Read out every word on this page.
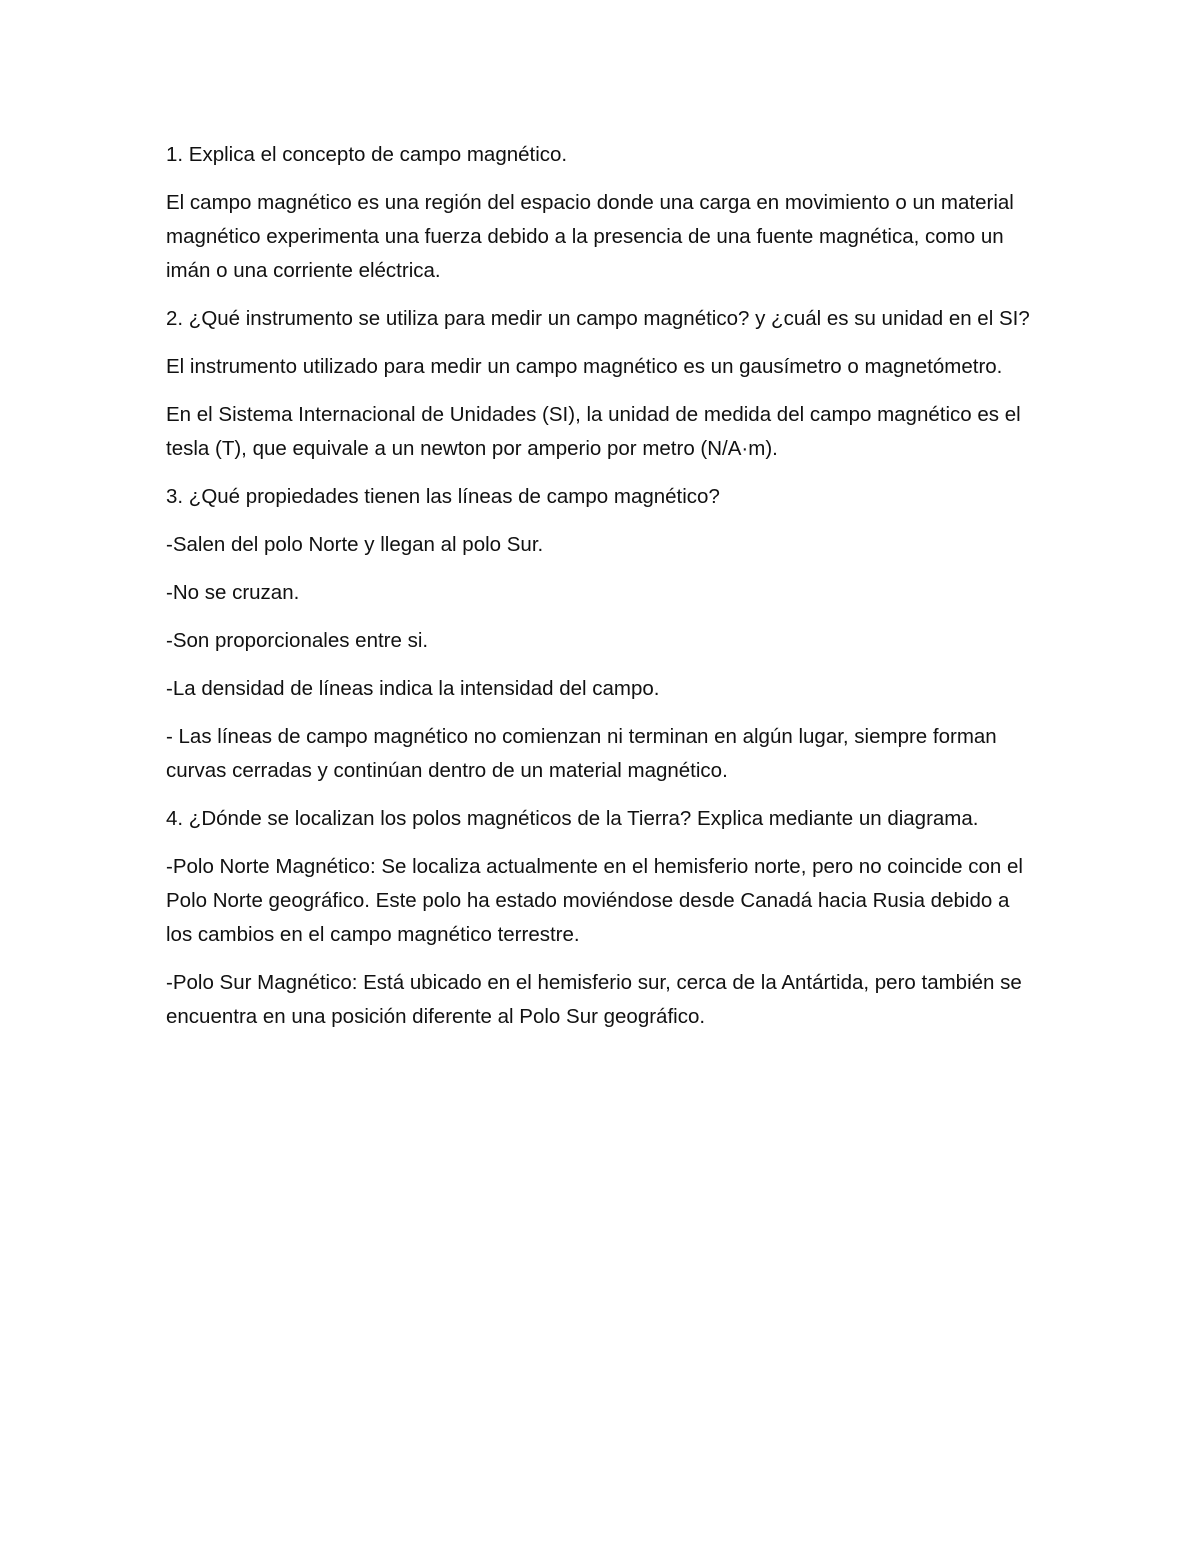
1. Explica el concepto de campo magnético.

El campo magnético es una región del espacio donde una carga en movimiento o un material magnético experimenta una fuerza debido a la presencia de una fuente magnética, como un imán o una corriente eléctrica.

2. ¿Qué instrumento se utiliza para medir un campo magnético? y ¿cuál es su unidad en el SI?

El instrumento utilizado para medir un campo magnético es un gausímetro o magnetómetro.

En el Sistema Internacional de Unidades (SI), la unidad de medida del campo magnético es el tesla (T), que equivale a un newton por amperio por metro (N/A·m).

3. ¿Qué propiedades tienen las líneas de campo magnético?

-Salen del polo Norte y llegan al polo Sur.

-No se cruzan.

-Son proporcionales entre si.

-La densidad de líneas indica la intensidad del campo.

- Las líneas de campo magnético no comienzan ni terminan en algún lugar, siempre forman curvas cerradas y continúan dentro de un material magnético.

4. ¿Dónde se localizan los polos magnéticos de la Tierra? Explica mediante un diagrama.

-Polo Norte Magnético: Se localiza actualmente en el hemisferio norte, pero no coincide con el Polo Norte geográfico. Este polo ha estado moviéndose desde Canadá hacia Rusia debido a los cambios en el campo magnético terrestre.

-Polo Sur Magnético: Está ubicado en el hemisferio sur, cerca de la Antártida, pero también se encuentra en una posición diferente al Polo Sur geográfico.
